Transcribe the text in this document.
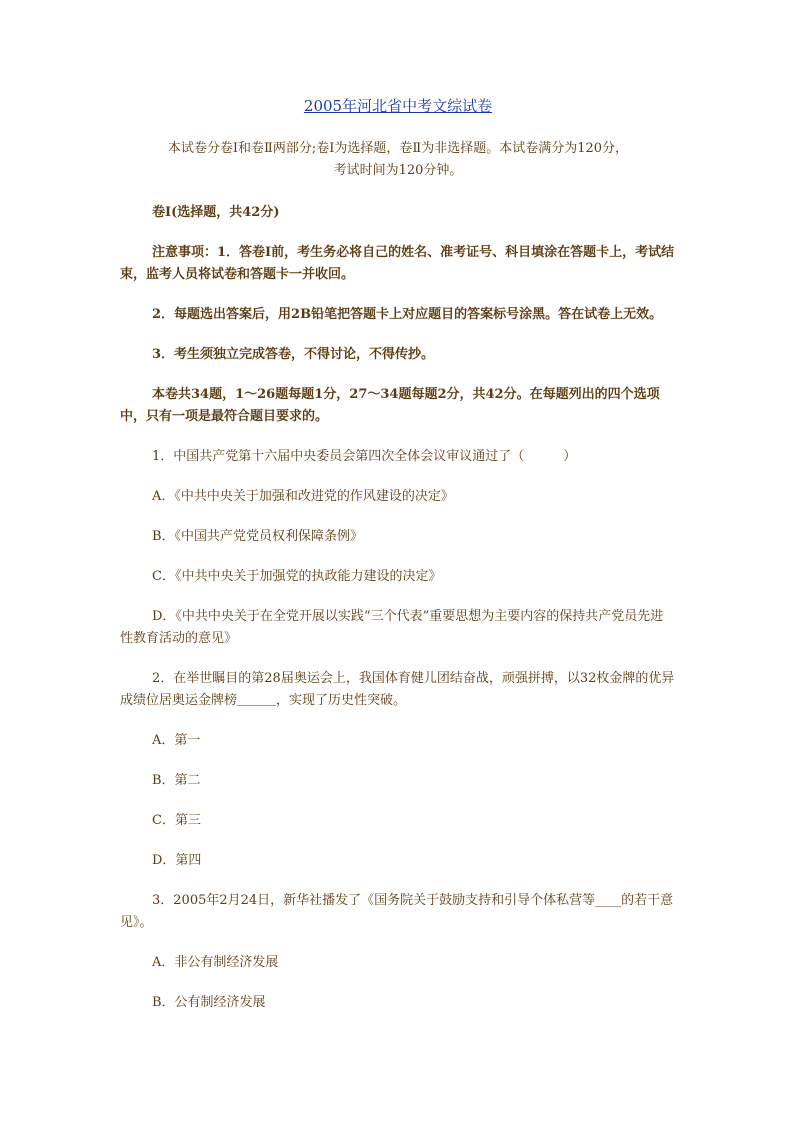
2005年河北省中考文综试卷
本试卷分卷Ⅰ和卷Ⅱ两部分;卷Ⅰ为选择题，卷Ⅱ为非选择题。本试卷满分为120分，
考试时间为120分钟。

卷Ⅰ(选择题，共42分)

注意事项：1．答卷Ⅰ前，考生务必将自己的姓名、准考证号、科目填涂在答题卡上，考试结束，监考人员将试卷和答题卡一并收回。

2．每题选出答案后，用2B铅笔把答题卡上对应题目的答案标号涂黑。答在试卷上无效。

3．考生须独立完成答卷，不得讨论，不得传抄。

本卷共34题，1～26题每题1分，27～34题每题2分，共42分。在每题列出的四个选项中，只有一项是最符合题目要求的。

1．中国共产党第十六届中央委员会第四次全体会议审议通过了（　　　）

A．《中共中央关于加强和改进党的作风建设的决定》

B．《中国共产党党员权利保障条例》

C．《中共中央关于加强党的执政能力建设的决定》

D．《中共中央关于在全党开展以实践“三个代表”重要思想为主要内容的保持共产党员先进性教育活动的意见》

2．在举世瞩目的第28届奥运会上，我国体育健儿团结奋战，顽强拼搏，以32枚金牌的优异成绩位居奥运金牌榜＿＿＿，实现了历史性突破。

A．第一

B．第二

C．第三

D．第四

3．2005年2月24日，新华社播发了《国务院关于鼓励支持和引导个体私营等____的若干意见》。

A．非公有制经济发展

B．公有制经济发展
